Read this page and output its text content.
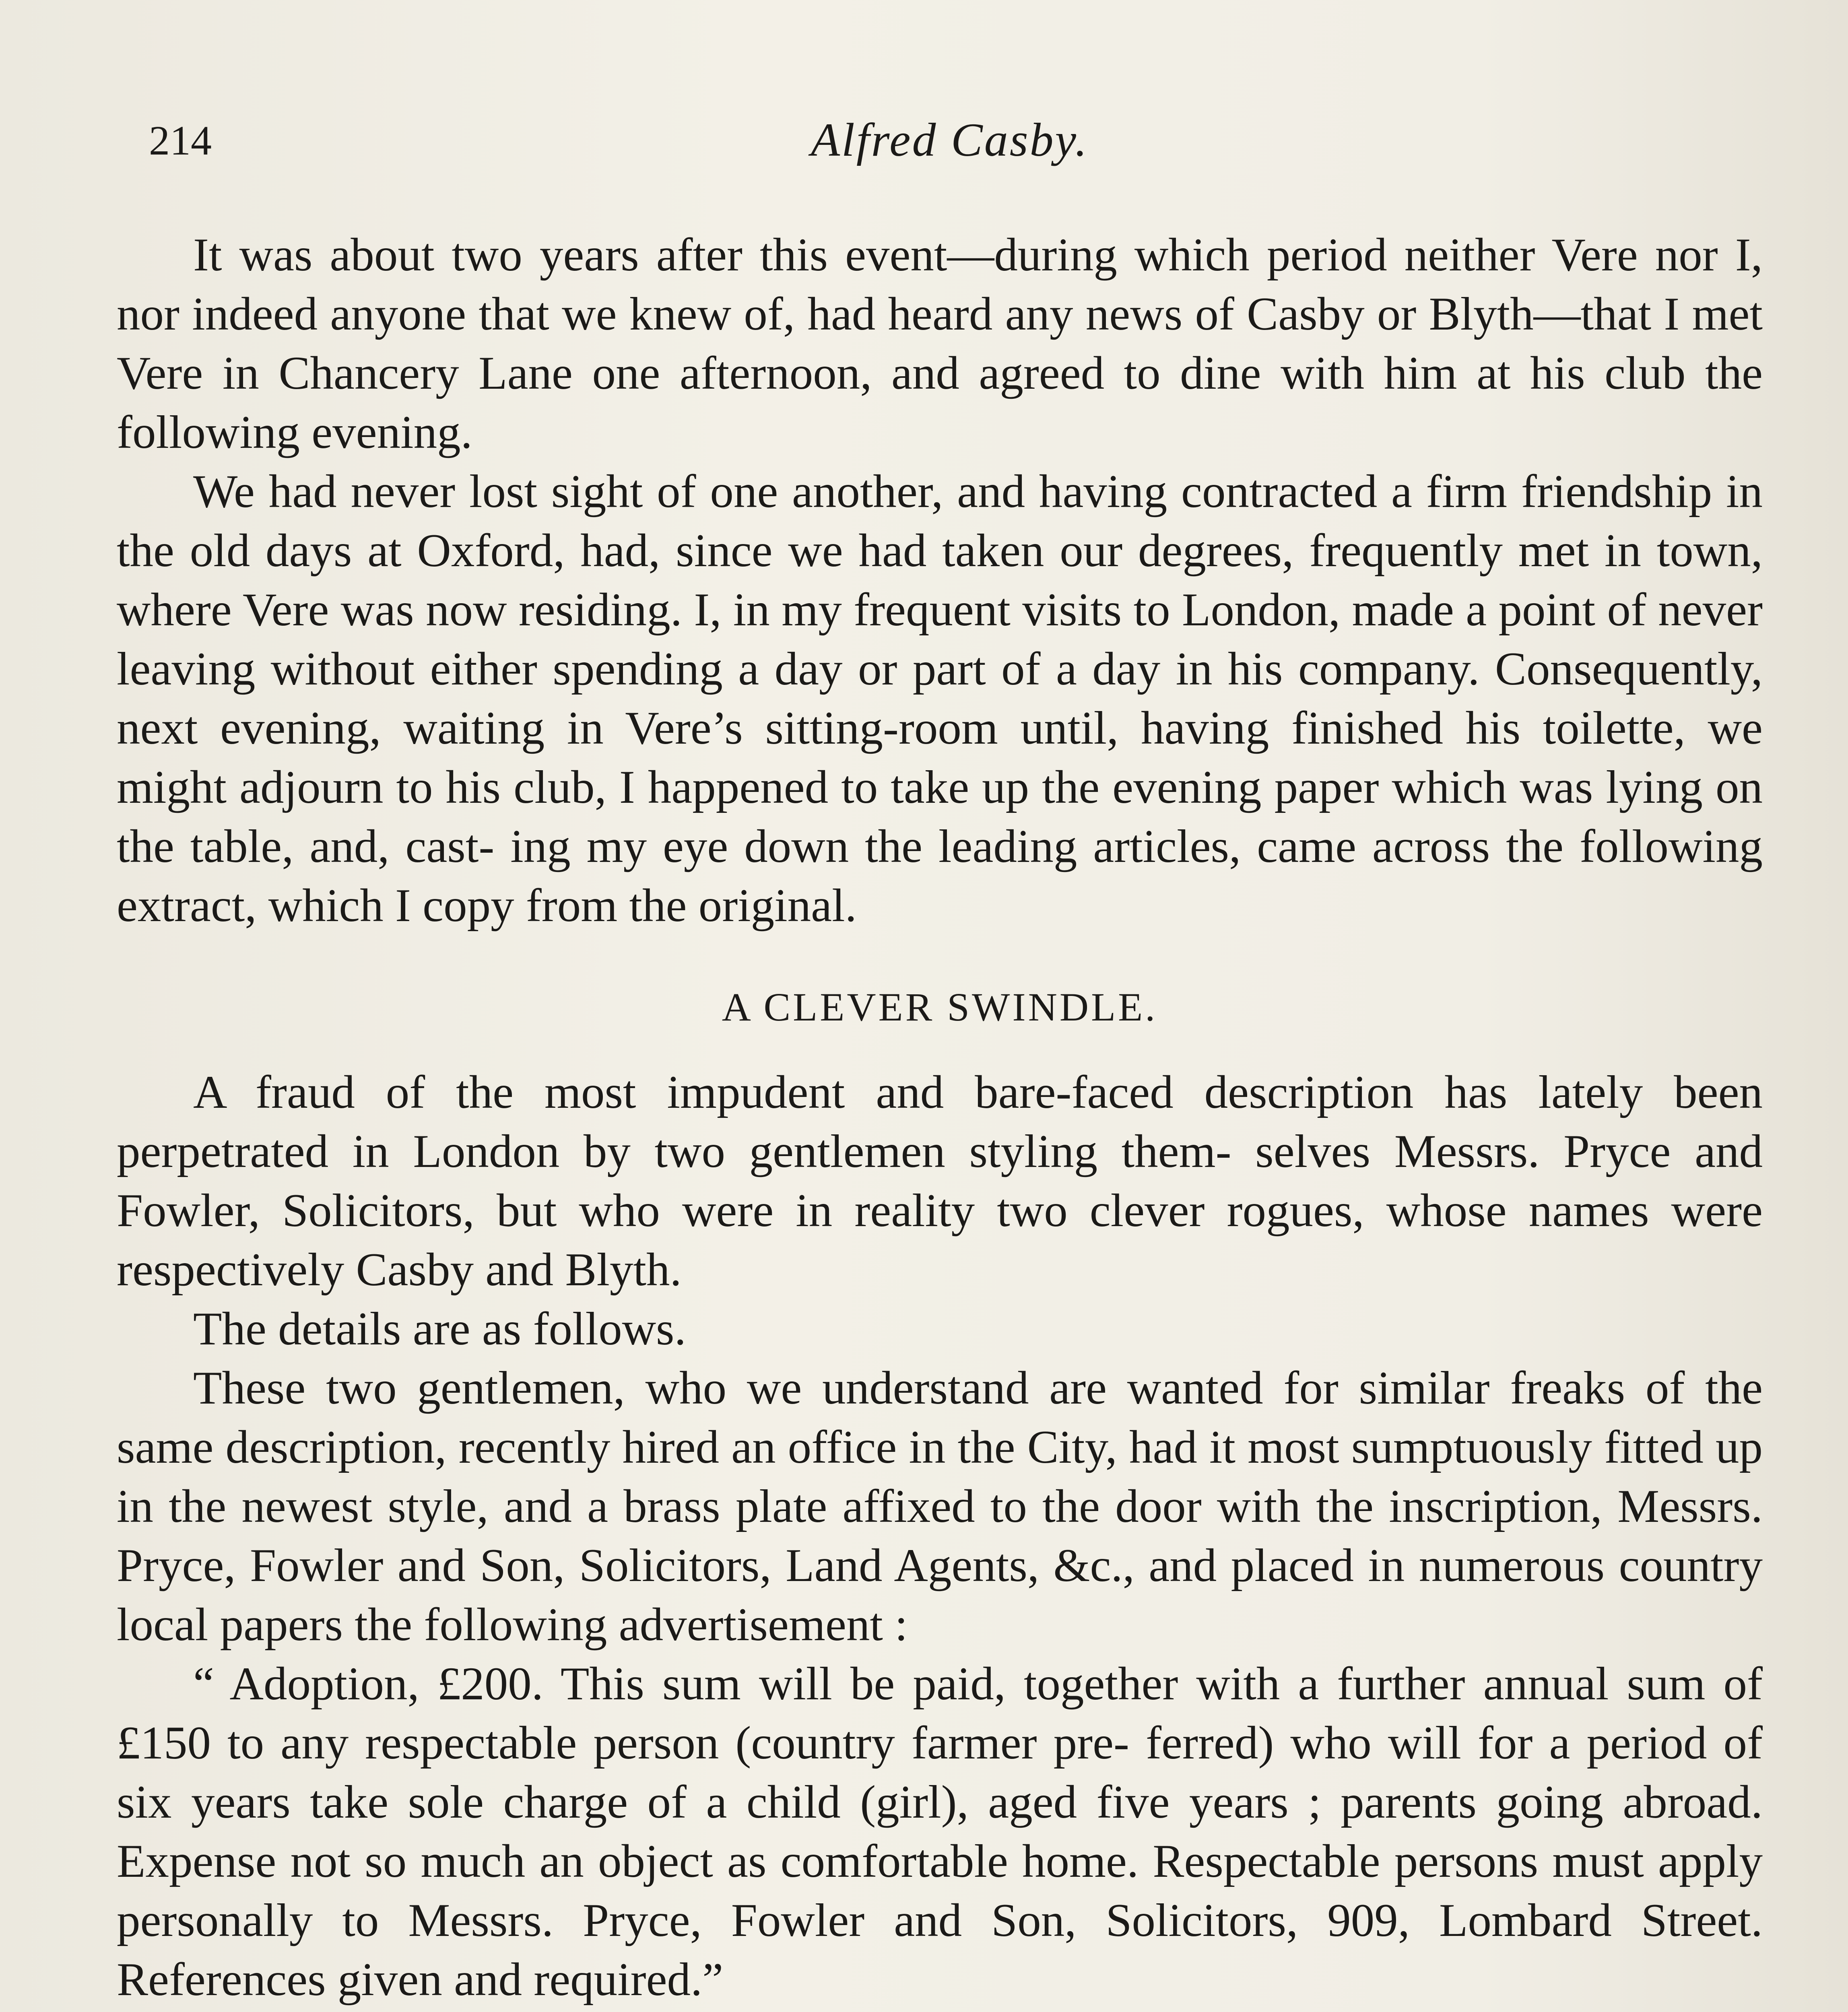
214	Alfred Casby.

It was about two years after this event—during which period neither Vere nor I, nor indeed anyone that we knew of, had heard any news of Casby or Blyth—that I met Vere in Chancery Lane one afternoon, and agreed to dine with him at his club the following evening.

We had never lost sight of one another, and having contracted a firm friendship in the old days at Oxford, had, since we had taken our degrees, frequently met in town, where Vere was now residing. I, in my frequent visits to London, made a point of never leaving without either spending a day or part of a day in his company. Consequently, next evening, waiting in Vere’s sitting-room until, having finished his toilette, we might adjourn to his club, I happened to take up the evening paper which was lying on the table, and, cast- ing my eye down the leading articles, came across the following extract, which I copy from the original.

A CLEVER SWINDLE.

A fraud of the most impudent and bare-faced description has lately been perpetrated in London by two gentlemen styling them- selves Messrs. Pryce and Fowler, Solicitors, but who were in reality two clever rogues, whose names were respectively Casby and Blyth.

The details are as follows.

These two gentlemen, who we understand are wanted for similar freaks of the same description, recently hired an office in the City, had it most sumptuously fitted up in the newest style, and a brass plate affixed to the door with the inscription, Messrs. Pryce, Fowler and Son, Solicitors, Land Agents, &c., and placed in numerous country local papers the following advertisement :

“ Adoption, £200. This sum will be paid, together with a further annual sum of £150 to any respectable person (country farmer pre- ferred) who will for a period of six years take sole charge of a child (girl), aged five years ; parents going abroad. Expense not so much an object as comfortable home. Respectable persons must apply personally to Messrs. Pryce, Fowler and Son, Solicitors, 909, Lombard Street. References given and required.”
